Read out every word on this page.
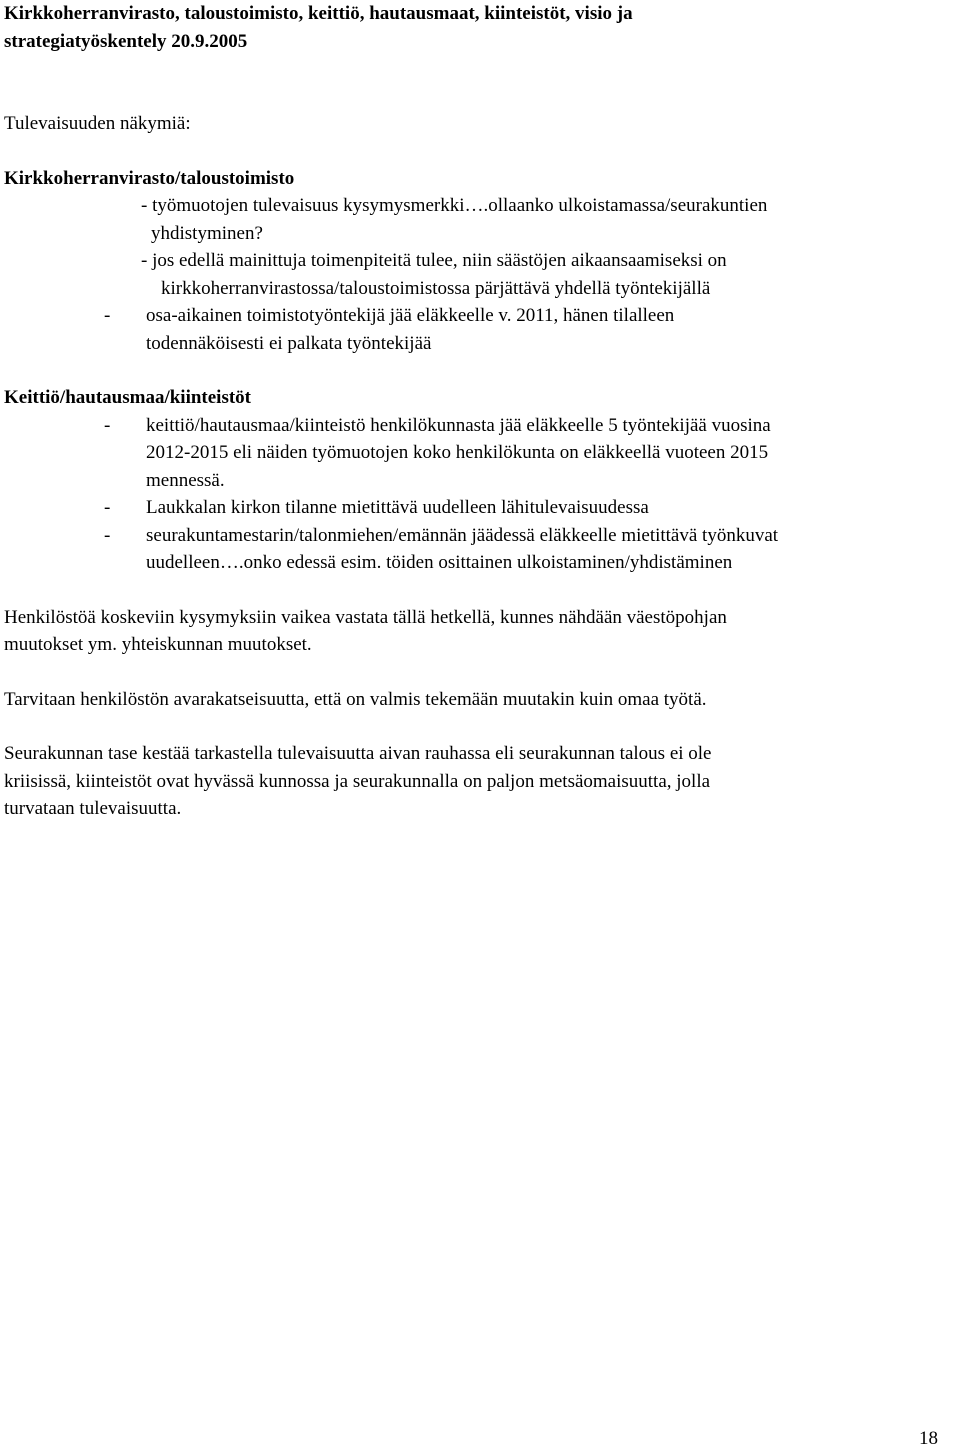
Kirkkoherranvirasto, taloustoimisto, keittiö, hautausmaat, kiinteistöt, visio ja

strategiatyöskentely 20.9.2005

Tulevaisuuden näkymiä:

Kirkkoherranvirasto/taloustoimisto

- työmuotojen tulevaisuus kysymysmerkki….ollaanko ulkoistamassa/seurakuntien

yhdistyminen?

- jos edellä mainittuja toimenpiteitä tulee, niin säästöjen aikaansaamiseksi on

kirkkoherranvirastossa/taloustoimistossa pärjättävä yhdellä työntekijällä

- osa-aikainen toimistotyöntekijä jää eläkkeelle v. 2011, hänen tilalleen

todennäköisesti ei palkata työntekijää

Keittiö/hautausmaa/kiinteistöt

- keittiö/hautausmaa/kiinteistö henkilökunnasta jää eläkkeelle 5 työntekijää vuosina

2012-2015 eli näiden työmuotojen koko henkilökunta on eläkkeellä vuoteen 2015

mennessä.

- Laukkalan kirkon tilanne mietittävä uudelleen lähitulevaisuudessa

- seurakuntamestarin/talonmiehen/emännän jäädessä eläkkeelle mietittävä työnkuvat

uudelleen….onko edessä esim. töiden osittainen ulkoistaminen/yhdistäminen

Henkilöstöä koskeviin kysymyksiin vaikea vastata tällä hetkellä, kunnes nähdään väestöpohjan

muutokset ym. yhteiskunnan muutokset.

Tarvitaan henkilöstön avarakatseisuutta, että on valmis tekemään muutakin kuin omaa työtä.

Seurakunnan tase kestää tarkastella tulevaisuutta aivan rauhassa eli seurakunnan talous ei ole

kriisissä, kiinteistöt ovat hyvässä kunnossa ja seurakunnalla on paljon metsäomaisuutta, jolla

turvataan tulevaisuutta.

18
